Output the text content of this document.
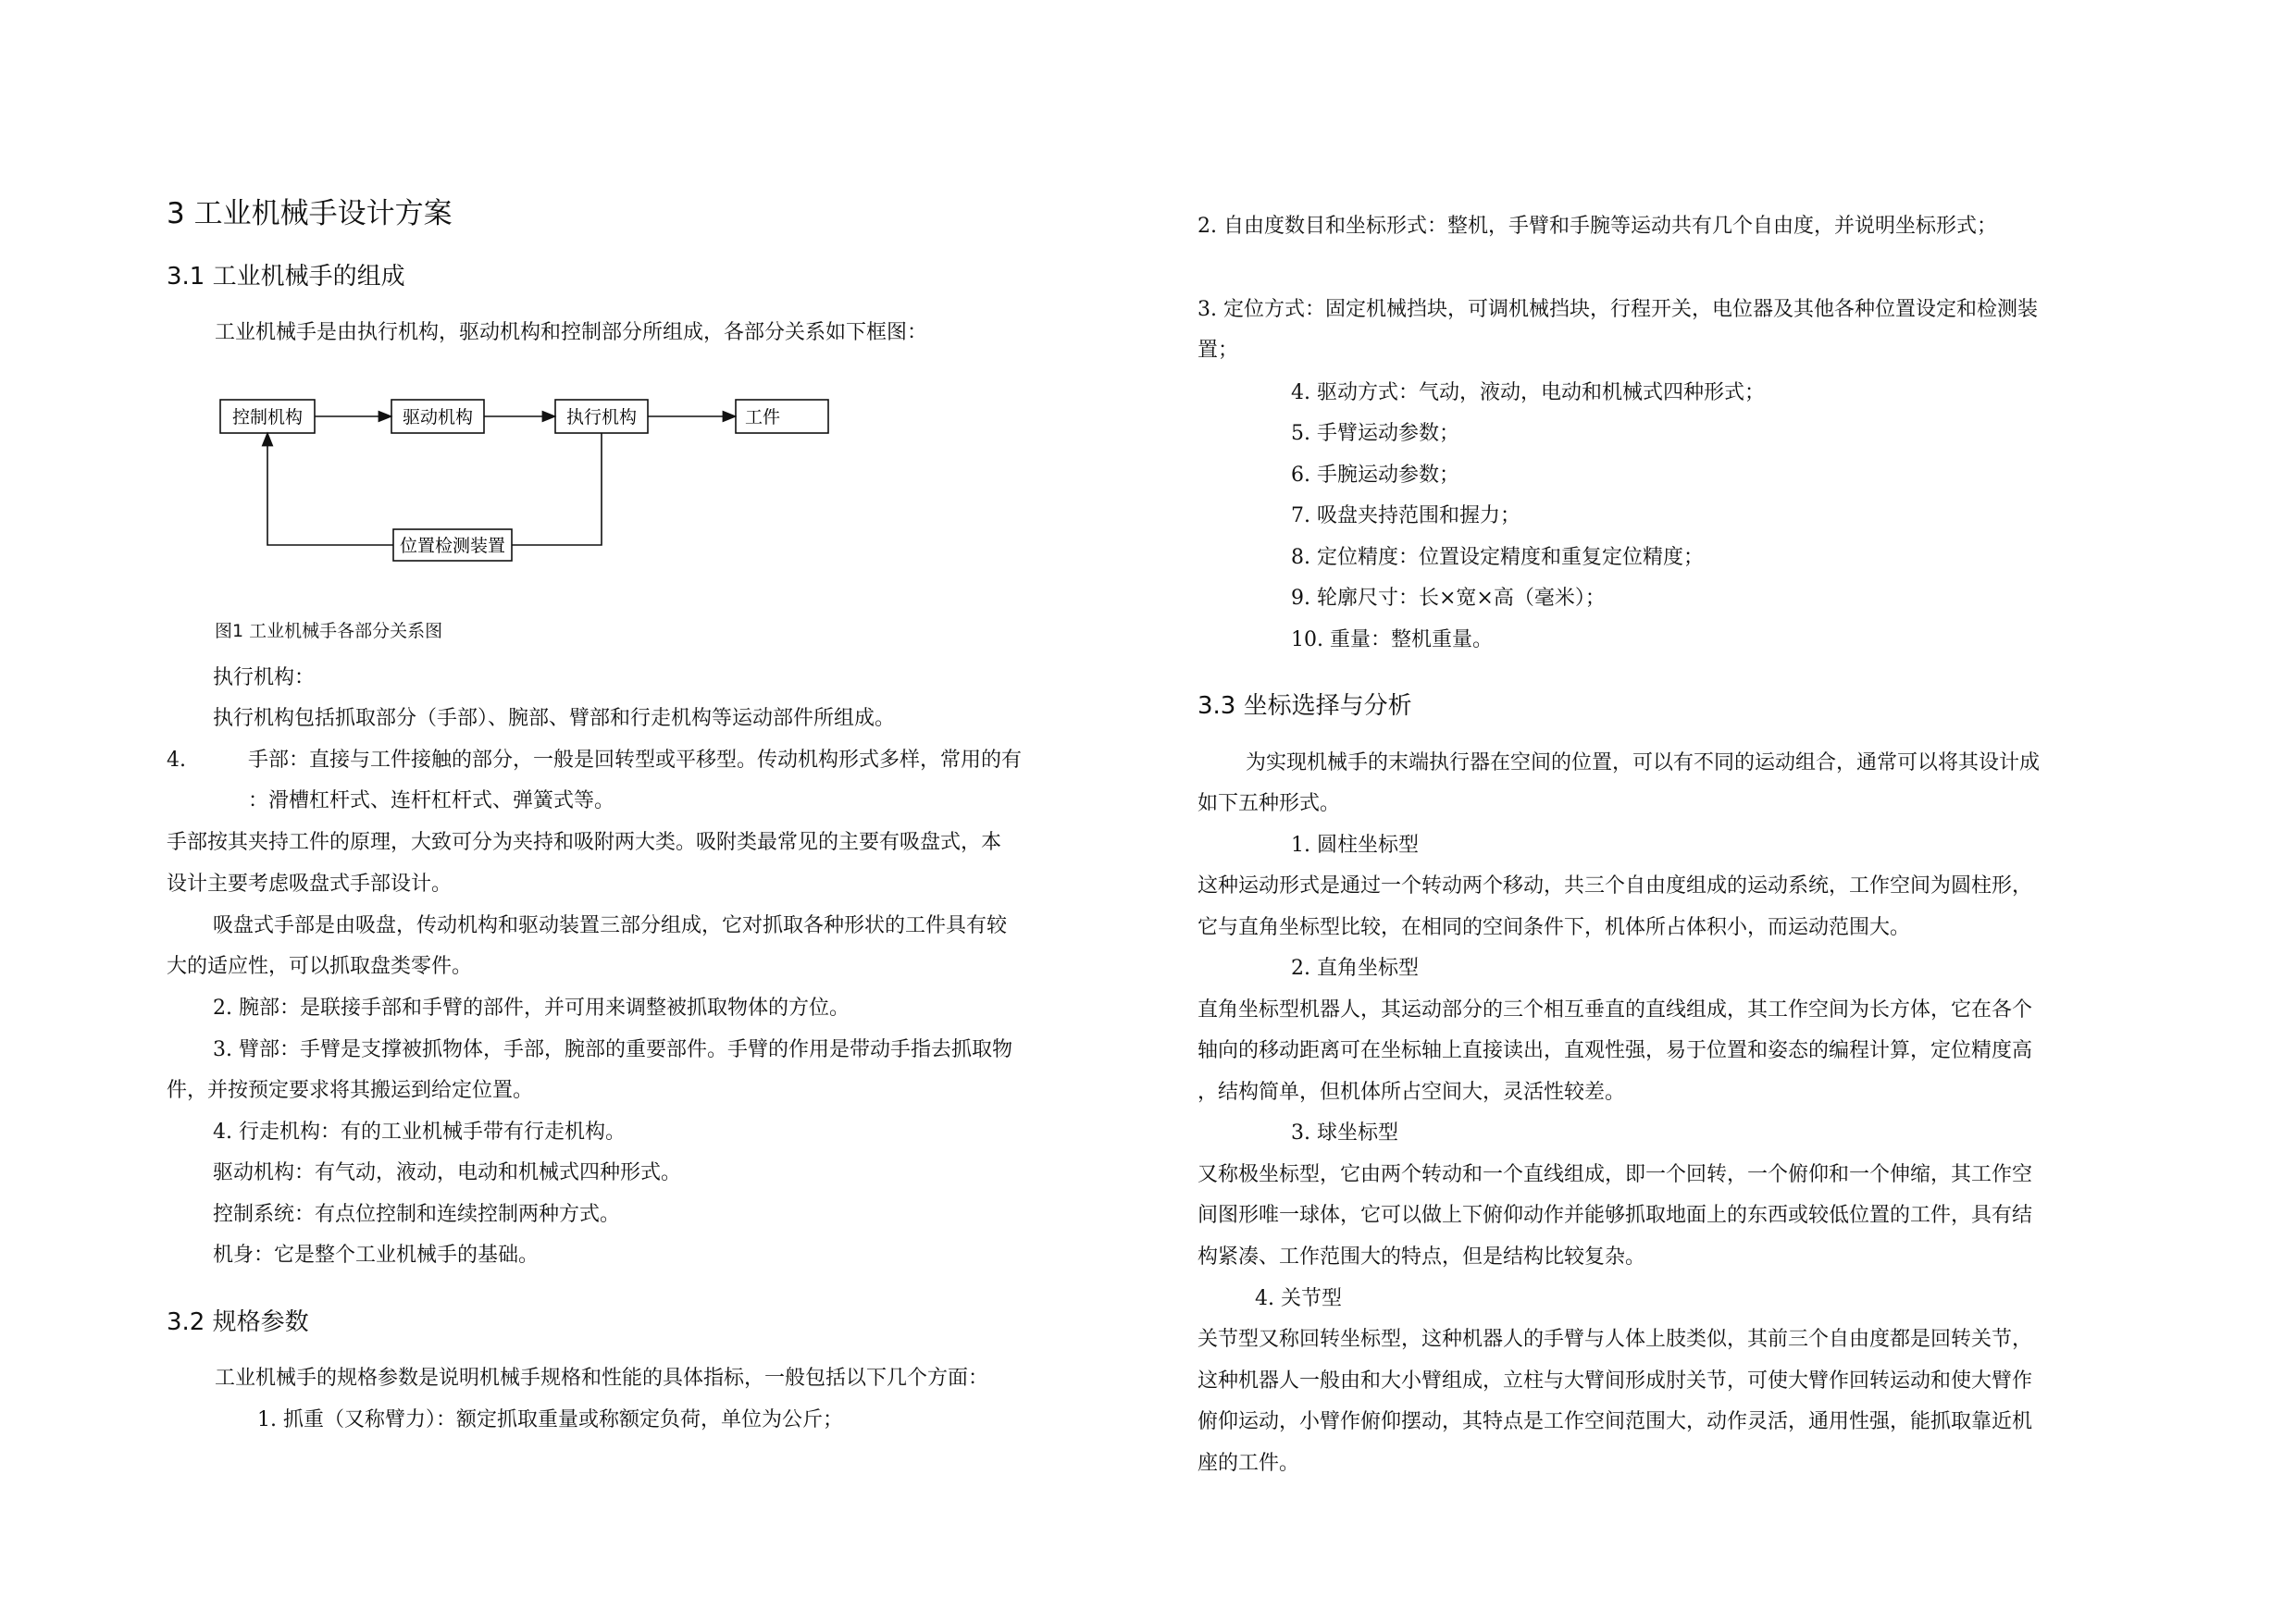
3 工业机械手设计方案
3.1 工业机械手的组成
工业机械手是由执行机构，驱动机构和控制部分所组成，各部分关系如下框图：
控制机构	驱动机构	执行机构	工件
位置检测装置
图1 工业机械手各部分关系图
执行机构：
执行机构包括抓取部分（手部）、腕部、臂部和行走机构等运动部件所组成。
4.	手部：直接与工件接触的部分，一般是回转型或平移型。传动机构形式多样，常用的有
：滑槽杠杆式、连杆杠杆式、弹簧式等。
手部按其夹持工件的原理，大致可分为夹持和吸附两大类。吸附类最常见的主要有吸盘式，本
设计主要考虑吸盘式手部设计。
吸盘式手部是由吸盘，传动机构和驱动装置三部分组成，它对抓取各种形状的工件具有较
大的适应性，可以抓取盘类零件。
2. 腕部：是联接手部和手臂的部件，并可用来调整被抓取物体的方位。
3. 臂部：手臂是支撑被抓物体，手部，腕部的重要部件。手臂的作用是带动手指去抓取物
件，并按预定要求将其搬运到给定位置。
4. 行走机构：有的工业机械手带有行走机构。
驱动机构：有气动，液动，电动和机械式四种形式。
控制系统：有点位控制和连续控制两种方式。
机身：它是整个工业机械手的基础。
3.2 规格参数
工业机械手的规格参数是说明机械手规格和性能的具体指标，一般包括以下几个方面：
1. 抓重（又称臂力）：额定抓取重量或称额定负荷，单位为公斤；
2. 自由度数目和坐标形式：整机，手臂和手腕等运动共有几个自由度，并说明坐标形式；
3. 定位方式：固定机械挡块，可调机械挡块，行程开关，电位器及其他各种位置设定和检测装
置；
4. 驱动方式：气动，液动，电动和机械式四种形式；
5. 手臂运动参数；
6. 手腕运动参数；
7. 吸盘夹持范围和握力；
8. 定位精度：位置设定精度和重复定位精度；
9. 轮廓尺寸：长×宽×高（毫米）；
10. 重量：整机重量。
3.3 坐标选择与分析
为实现机械手的末端执行器在空间的位置，可以有不同的运动组合，通常可以将其设计成
如下五种形式。
1. 圆柱坐标型
这种运动形式是通过一个转动两个移动，共三个自由度组成的运动系统，工作空间为圆柱形，
它与直角坐标型比较，在相同的空间条件下，机体所占体积小，而运动范围大。
2. 直角坐标型
直角坐标型机器人，其运动部分的三个相互垂直的直线组成，其工作空间为长方体，它在各个
轴向的移动距离可在坐标轴上直接读出，直观性强，易于位置和姿态的编程计算，定位精度高
，结构简单，但机体所占空间大，灵活性较差。
3. 球坐标型
又称极坐标型，它由两个转动和一个直线组成，即一个回转，一个俯仰和一个伸缩，其工作空
间图形唯一球体，它可以做上下俯仰动作并能够抓取地面上的东西或较低位置的工件，具有结
构紧凑、工作范围大的特点，但是结构比较复杂。
4. 关节型
关节型又称回转坐标型，这种机器人的手臂与人体上肢类似，其前三个自由度都是回转关节，
这种机器人一般由和大小臂组成，立柱与大臂间形成肘关节，可使大臂作回转运动和使大臂作
俯仰运动，小臂作俯仰摆动，其特点是工作空间范围大，动作灵活，通用性强，能抓取靠近机
座的工件。
